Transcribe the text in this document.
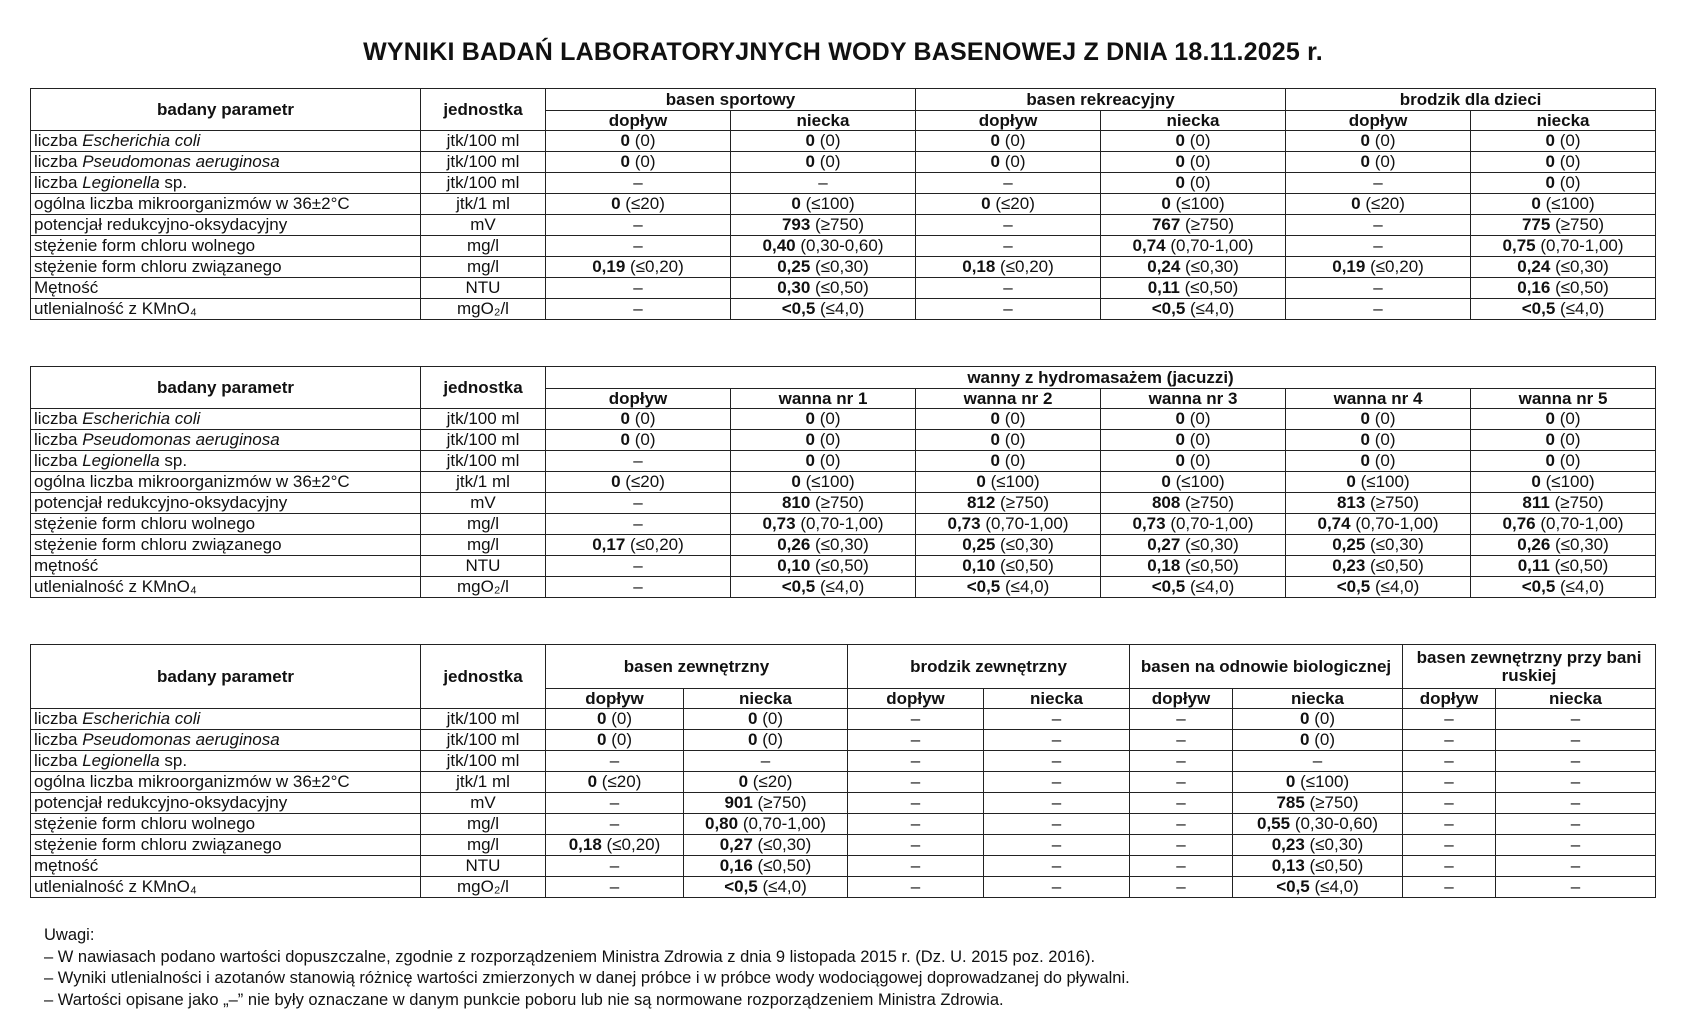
WYNIKI BADAŃ LABORATORYJNYCH WODY BASENOWEJ Z DNIA 18.11.2025 r.
badany parametr	jednostka	basen sportowy		basen rekreacyjny		brodzik dla dzieci	
		dopływ	niecka	dopływ	niecka	dopływ	niecka
liczba Escherichia coli	jtk/100 ml	0 (0)	0 (0)	0 (0)	0 (0)	0 (0)	0 (0)
liczba Pseudomonas aeruginosa	jtk/100 ml	0 (0)	0 (0)	0 (0)	0 (0)	0 (0)	0 (0)
liczba Legionella sp.	jtk/100 ml	–	–	–	0 (0)	–	0 (0)
ogólna liczba mikroorganizmów w 36±2°C	jtk/1 ml	0 (≤20)	0 (≤100)	0 (≤20)	0 (≤100)	0 (≤20)	0 (≤100)
potencjał redukcyjno-oksydacyjny	mV	–	793 (≥750)	–	767 (≥750)	–	775 (≥750)
stężenie form chloru wolnego	mg/l	–	0,40 (0,30-0,60)	–	0,74 (0,70-1,00)	–	0,75 (0,70-1,00)
stężenie form chloru związanego	mg/l	0,19 (≤0,20)	0,25 (≤0,30)	0,18 (≤0,20)	0,24 (≤0,30)	0,19 (≤0,20)	0,24 (≤0,30)
Mętność	NTU	–	0,30 (≤0,50)	–	0,11 (≤0,50)	–	0,16 (≤0,50)
utlenialność z KMnO₄	mgO₂/l	–	<0,5 (≤4,0)	–	<0,5 (≤4,0)	–	<0,5 (≤4,0)
badany parametr	jednostka	wanny z hydromasażem (jacuzzi)					
		dopływ	wanna nr 1	wanna nr 2	wanna nr 3	wanna nr 4	wanna nr 5
liczba Escherichia coli	jtk/100 ml	0 (0)	0 (0)	0 (0)	0 (0)	0 (0)	0 (0)
liczba Pseudomonas aeruginosa	jtk/100 ml	0 (0)	0 (0)	0 (0)	0 (0)	0 (0)	0 (0)
liczba Legionella sp.	jtk/100 ml	–	0 (0)	0 (0)	0 (0)	0 (0)	0 (0)
ogólna liczba mikroorganizmów w 36±2°C	jtk/1 ml	0 (≤20)	0 (≤100)	0 (≤100)	0 (≤100)	0 (≤100)	0 (≤100)
potencjał redukcyjno-oksydacyjny	mV	–	810 (≥750)	812 (≥750)	808 (≥750)	813 (≥750)	811 (≥750)
stężenie form chloru wolnego	mg/l	–	0,73 (0,70-1,00)	0,73 (0,70-1,00)	0,73 (0,70-1,00)	0,74 (0,70-1,00)	0,76 (0,70-1,00)
stężenie form chloru związanego	mg/l	0,17 (≤0,20)	0,26 (≤0,30)	0,25 (≤0,30)	0,27 (≤0,30)	0,25 (≤0,30)	0,26 (≤0,30)
mętność	NTU	–	0,10 (≤0,50)	0,10 (≤0,50)	0,18 (≤0,50)	0,23 (≤0,50)	0,11 (≤0,50)
utlenialność z KMnO₄	mgO₂/l	–	<0,5 (≤4,0)	<0,5 (≤4,0)	<0,5 (≤4,0)	<0,5 (≤4,0)	<0,5 (≤4,0)
badany parametr	jednostka	basen zewnętrzny		brodzik zewnętrzny		basen na odnowie biologicznej		basen zewnętrzny przy bani ruskiej	
		dopływ	niecka	dopływ	niecka	dopływ	niecka	dopływ	niecka
liczba Escherichia coli	jtk/100 ml	0 (0)	0 (0)	–	–	–	0 (0)	–	–
liczba Pseudomonas aeruginosa	jtk/100 ml	0 (0)	0 (0)	–	–	–	0 (0)	–	–
liczba Legionella sp.	jtk/100 ml	–	–	–	–	–	–	–	–
ogólna liczba mikroorganizmów w 36±2°C	jtk/1 ml	0 (≤20)	0 (≤20)	–	–	–	0 (≤100)	–	–
potencjał redukcyjno-oksydacyjny	mV	–	901 (≥750)	–	–	–	785 (≥750)	–	–
stężenie form chloru wolnego	mg/l	–	0,80 (0,70-1,00)	–	–	–	0,55 (0,30-0,60)	–	–
stężenie form chloru związanego	mg/l	0,18 (≤0,20)	0,27 (≤0,30)	–	–	–	0,23 (≤0,30)	–	–
mętność	NTU	–	0,16 (≤0,50)	–	–	–	0,13 (≤0,50)	–	–
utlenialność z KMnO₄	mgO₂/l	–	<0,5 (≤4,0)	–	–	–	<0,5 (≤4,0)	–	–
Uwagi:
– W nawiasach podano wartości dopuszczalne, zgodnie z rozporządzeniem Ministra Zdrowia z dnia 9 listopada 2015 r. (Dz. U. 2015 poz. 2016).
– Wyniki utlenialności i azotanów stanowią różnicę wartości zmierzonych w danej próbce i w próbce wody wodociągowej doprowadzanej do pływalni.
– Wartości opisane jako „–” nie były oznaczane w danym punkcie poboru lub nie są normowane rozporządzeniem Ministra Zdrowia.
